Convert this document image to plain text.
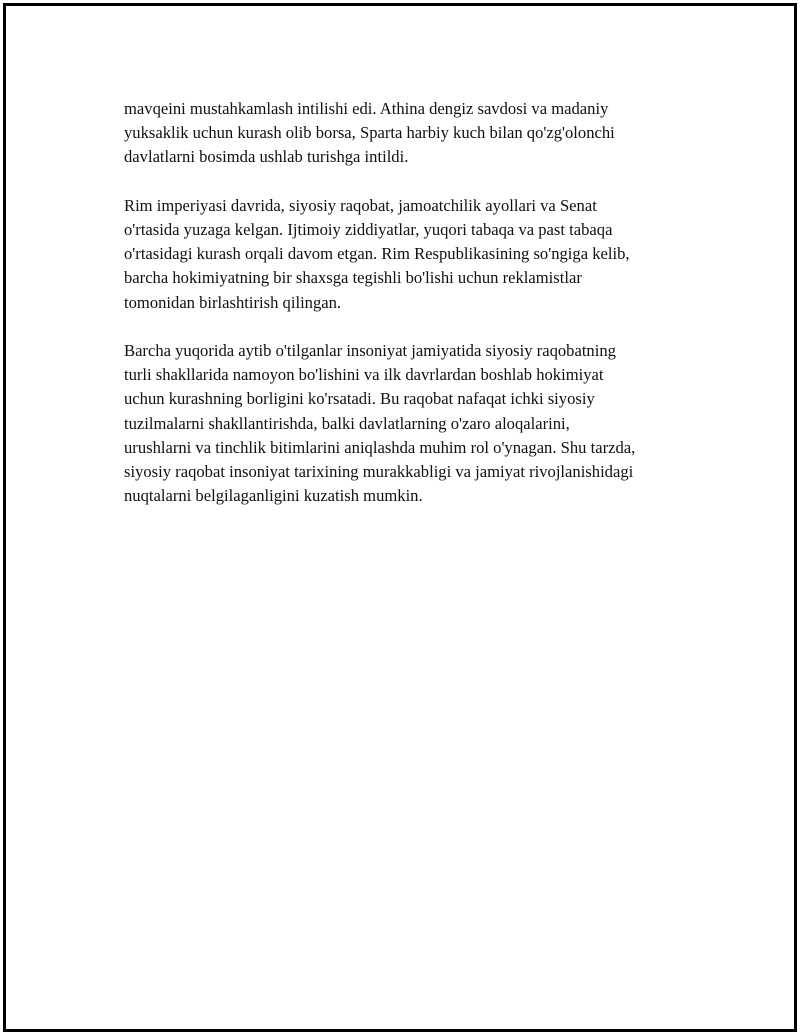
mavqeini mustahkamlash intilishi edi. Athina dengiz savdosi va madaniy
yuksaklik uchun kurash olib borsa, Sparta harbiy kuch bilan qo'zg'olonchi
davlatlarni bosimda ushlab turishga intildi.

Rim imperiyasi davrida, siyosiy raqobat, jamoatchilik ayollari va Senat
o'rtasida yuzaga kelgan. Ijtimoiy ziddiyatlar, yuqori tabaqa va past tabaqa
o'rtasidagi kurash orqali davom etgan. Rim Respublikasining so'ngiga kelib,
barcha hokimiyatning bir shaxsga tegishli bo'lishi uchun reklamistlar
tomonidan birlashtirish qilingan.

Barcha yuqorida aytib o'tilganlar insoniyat jamiyatida siyosiy raqobatning
turli shakllarida namoyon bo'lishini va ilk davrlardan boshlab hokimiyat
uchun kurashning borligini ko'rsatadi. Bu raqobat nafaqat ichki siyosiy
tuzilmalarni shakllantirishda, balki davlatlarning o'zaro aloqalarini,
urushlarni va tinchlik bitimlarini aniqlashda muhim rol o'ynagan. Shu tarzda,
siyosiy raqobat insoniyat tarixining murakkabligi va jamiyat rivojlanishidagi
nuqtalarni belgilaganligini kuzatish mumkin.
